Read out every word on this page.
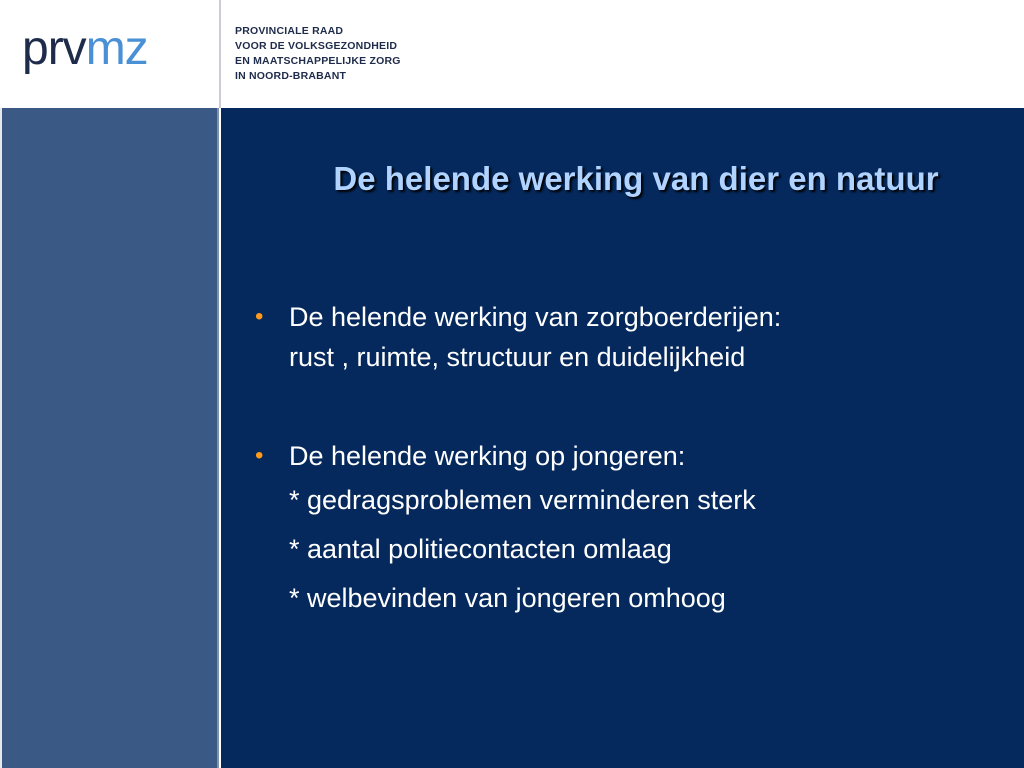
prvmz	PROVINCIALE RAAD
VOOR DE VOLKSGEZONDHEID
EN MAATSCHAPPELIJKE ZORG
IN NOORD-BRABANT
De helende werking van dier en natuur
• De helende werking van zorgboerderijen:
rust , ruimte, structuur en duidelijkheid
• De helende werking op jongeren:
* gedragsproblemen verminderen sterk
* aantal politiecontacten omlaag
* welbevinden van jongeren omhoog
